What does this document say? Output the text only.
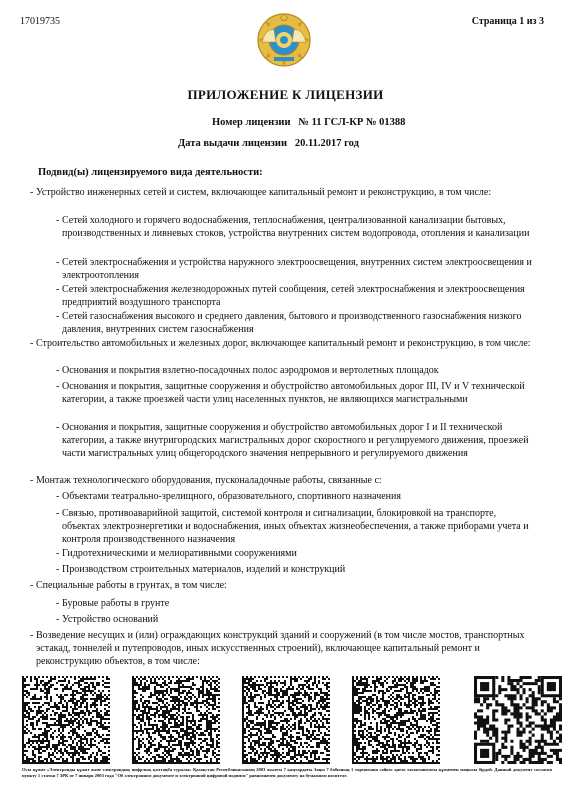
17019735	Страница 1 из 3
ПРИЛОЖЕНИЕ К ЛИЦЕНЗИИ
Номер лицензии № 11 ГСЛ-КР № 01388
Дата выдачи лицензии 20.11.2017 год
Подвид(ы) лицензируемого вида деятельности:
- Устройство инженерных сетей и систем, включающее капитальный ремонт и реконструкцию, в том числе:
- Сетей холодного и горячего водоснабжения, теплоснабжения, централизованной канализации бытовых, производственных и ливневых стоков, устройства внутренних систем водопровода, отопления и канализации
- Сетей электроснабжения и устройства наружного электроосвещения, внутренних систем электроосвещения и электроотопления
- Сетей электроснабжения железнодорожных путей сообщения, сетей электроснабжения и электроосвещения предприятий воздушного транспорта
- Сетей газоснабжения высокого и среднего давления, бытового и производственного газоснабжения низкого давления, внутренних систем газоснабжения
- Строительство автомобильных и железных дорог, включающее капитальный ремонт и реконструкцию, в том числе:
- Основания и покрытия взлетно-посадочных полос аэродромов и вертолетных площадок
- Основания и покрытия, защитные сооружения и обустройство автомобильных дорог III, IV и V технической категории, а также проезжей части улиц населенных пунктов, не являющихся магистральными
- Основания и покрытия, защитные сооружения и обустройство автомобильных дорог I и II технической категории, а также внутригородских магистральных дорог скоростного и регулируемого движения, проезжей части магистральных улиц общегородского значения непрерывного и регулируемого движения
- Монтаж технологического оборудования, пусконаладочные работы, связанные с:
- Объектами театрально-зрелищного, образовательного, спортивного назначения
- Связью, противоаварийной защитой, системой контроля и сигнализации, блокировкой на транспорте, объектах электроэнергетики и водоснабжения, иных объектах жизнеобеспечения, а также приборами учета и контроля производственного назначения
- Гидротехническими и мелиоративными сооружениями
- Производством строительных материалов, изделий и конструкций
- Специальные работы в грунтах, в том числе:
- Буровые работы в грунте
- Устройство оснований
- Возведение несущих и (или) ограждающих конструкций зданий и сооружений (в том числе мостов, транспортных эстакад, тоннелей и путепроводов, иных искусственных строений), включающее капитальный ремонт и реконструкцию объектов, в том числе:
Осы құжат «Электронды құжат және электрондық цифрлық қолтаңба туралы» Қазақстан Республикасының 2003 жылғы 7 қаңтардағы Заңы 7 бабының 1 тармағына сәйкес қағаз тасығыштағы құжатпен маңызы бірдей. Данный документ согласно пункту 1 статьи 7 ЗРК от 7 января 2003 года "Об электронном документе и электронной цифровой подписи" равнозначен документу на бумажном носителе.
